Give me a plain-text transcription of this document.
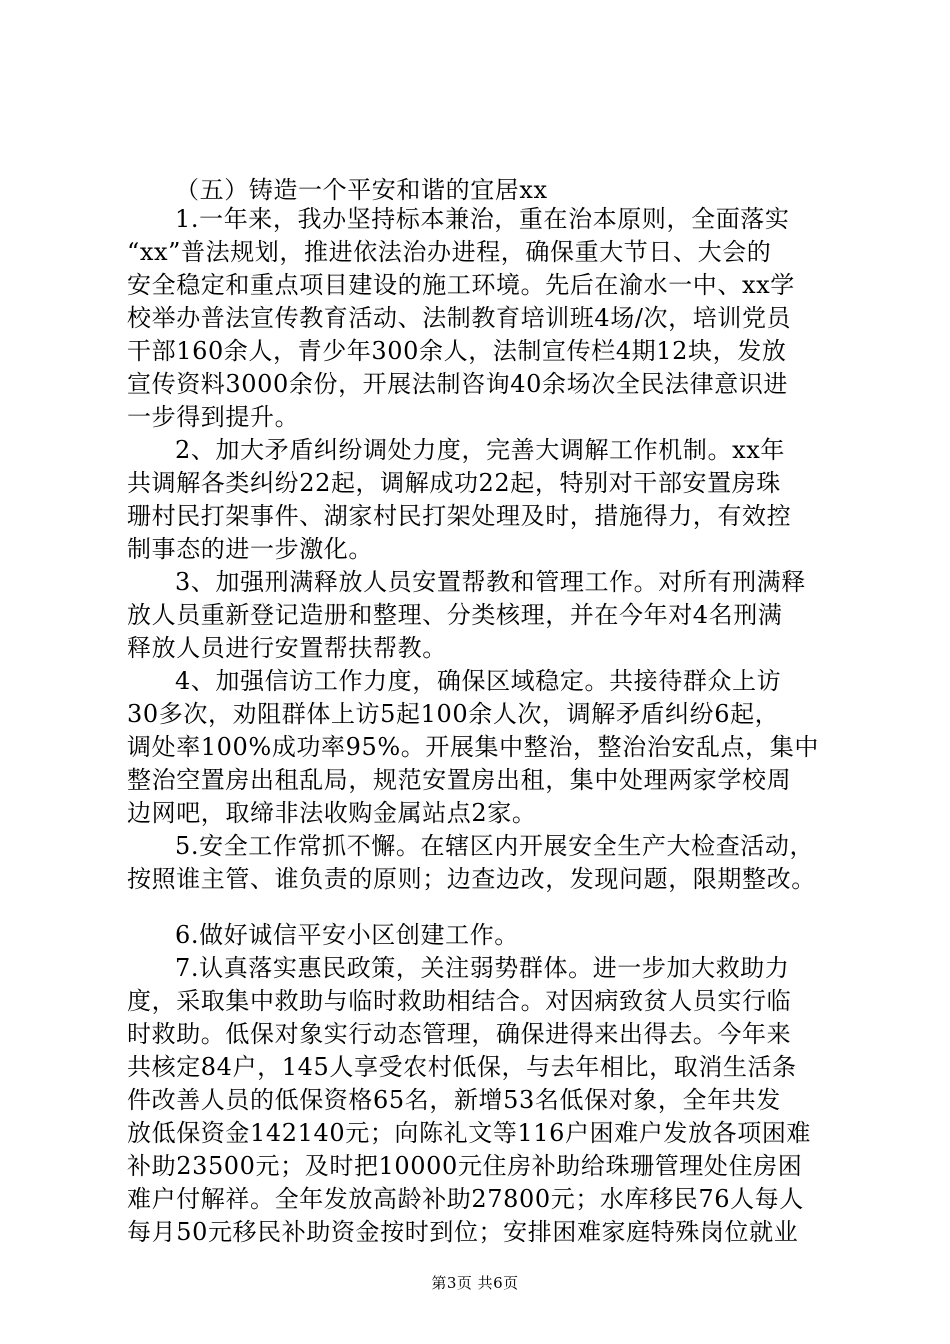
（五）铸造一个平安和谐的宜居xx
1.一年来，我办坚持标本兼治，重在治本原则，全面落实
“xx”普法规划，推进依法治办进程，确保重大节日、大会的
安全稳定和重点项目建设的施工环境。先后在渝水一中、xx学
校举办普法宣传教育活动、法制教育培训班4场/次，培训党员
干部160余人，青少年300余人，法制宣传栏4期12块，发放
宣传资料3000余份，开展法制咨询40余场次全民法律意识进
一步得到提升。
2、加大矛盾纠纷调处力度，完善大调解工作机制。xx年
共调解各类纠纷22起，调解成功22起，特别对干部安置房珠
珊村民打架事件、湖家村民打架处理及时，措施得力，有效控
制事态的进一步激化。
3、加强刑满释放人员安置帮教和管理工作。对所有刑满释
放人员重新登记造册和整理、分类核理，并在今年对4名刑满
释放人员进行安置帮扶帮教。
4、加强信访工作力度，确保区域稳定。共接待群众上访
30多次，劝阻群体上访5起100余人次，调解矛盾纠纷6起，
调处率100%成功率95%。开展集中整治，整治治安乱点，集中
整治空置房出租乱局，规范安置房出租，集中处理两家学校周
边网吧，取缔非法收购金属站点2家。
5.安全工作常抓不懈。在辖区内开展安全生产大检查活动，
按照谁主管、谁负责的原则；边查边改，发现问题，限期整改。
6.做好诚信平安小区创建工作。
7.认真落实惠民政策，关注弱势群体。进一步加大救助力
度，采取集中救助与临时救助相结合。对因病致贫人员实行临
时救助。低保对象实行动态管理，确保进得来出得去。今年来
共核定84户，145人享受农村低保，与去年相比，取消生活条
件改善人员的低保资格65名，新增53名低保对象，全年共发
放低保资金142140元；向陈礼文等116户困难户发放各项困难
补助23500元；及时把10000元住房补助给珠珊管理处住房困
难户付解祥。全年发放高龄补助27800元；水库移民76人每人
每月50元移民补助资金按时到位；安排困难家庭特殊岗位就业
第3页 共6页
